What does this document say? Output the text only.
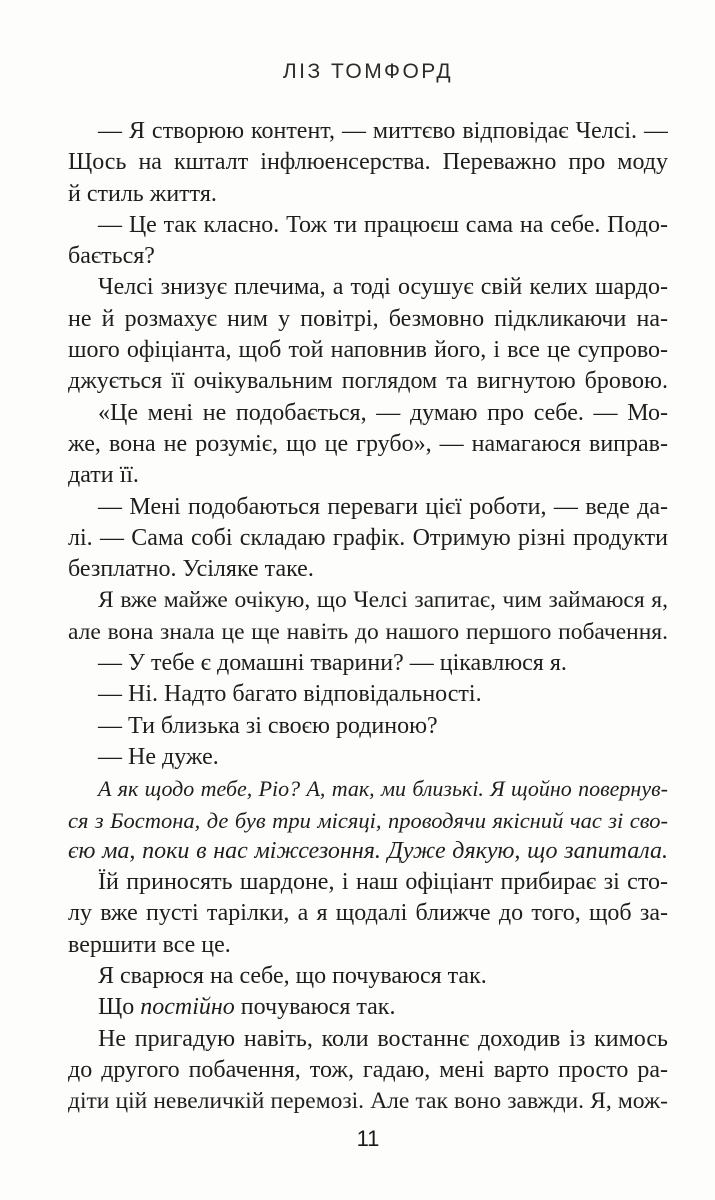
ЛІЗ ТОМФОРД
— Я створюю контент, — миттєво відповідає Челсі. —
Щось на кшталт інфлюенсерства. Переважно про моду
й стиль життя.
— Це так класно. Тож ти працюєш сама на себе. Подо-
бається?
Челсі знизує плечима, а тоді осушує свій келих шардо-
не й розмахує ним у повітрі, безмовно підкликаючи на-
шого офіціанта, щоб той наповнив його, і все це супрово-
джується її очікувальним поглядом та вигнутою бровою.
«Це мені не подобається, — думаю про себе. — Мо-
же, вона не розуміє, що це грубо», — намагаюся виправ-
дати її.
— Мені подобаються переваги цієї роботи, — веде да-
лі. — Сама собі складаю графік. Отримую різні продукти
безплатно. Усіляке таке.
Я вже майже очікую, що Челсі запитає, чим займаюся я,
але вона знала це ще навіть до нашого першого побачення.
— У тебе є домашні тварини? — цікавлюся я.
— Ні. Надто багато відповідальності.
— Ти близька зі своєю родиною?
— Не дуже.
А як щодо тебе, Ріо? А, так, ми близькі. Я щойно повернув-
ся з Бостона, де був три місяці, проводячи якісний час зі сво-
єю ма, поки в нас міжсезоння. Дуже дякую, що запитала.
Їй приносять шардоне, і наш офіціант прибирає зі сто-
лу вже пусті тарілки, а я щодалі ближче до того, щоб за-
вершити все це.
Я сварюся на себе, що почуваюся так.
Що постійно почуваюся так.
Не пригадую навіть, коли востаннє доходив із кимось
до другого побачення, тож, гадаю, мені варто просто ра-
діти цій невеличкій перемозі. Але так воно завжди. Я, мож-
11
